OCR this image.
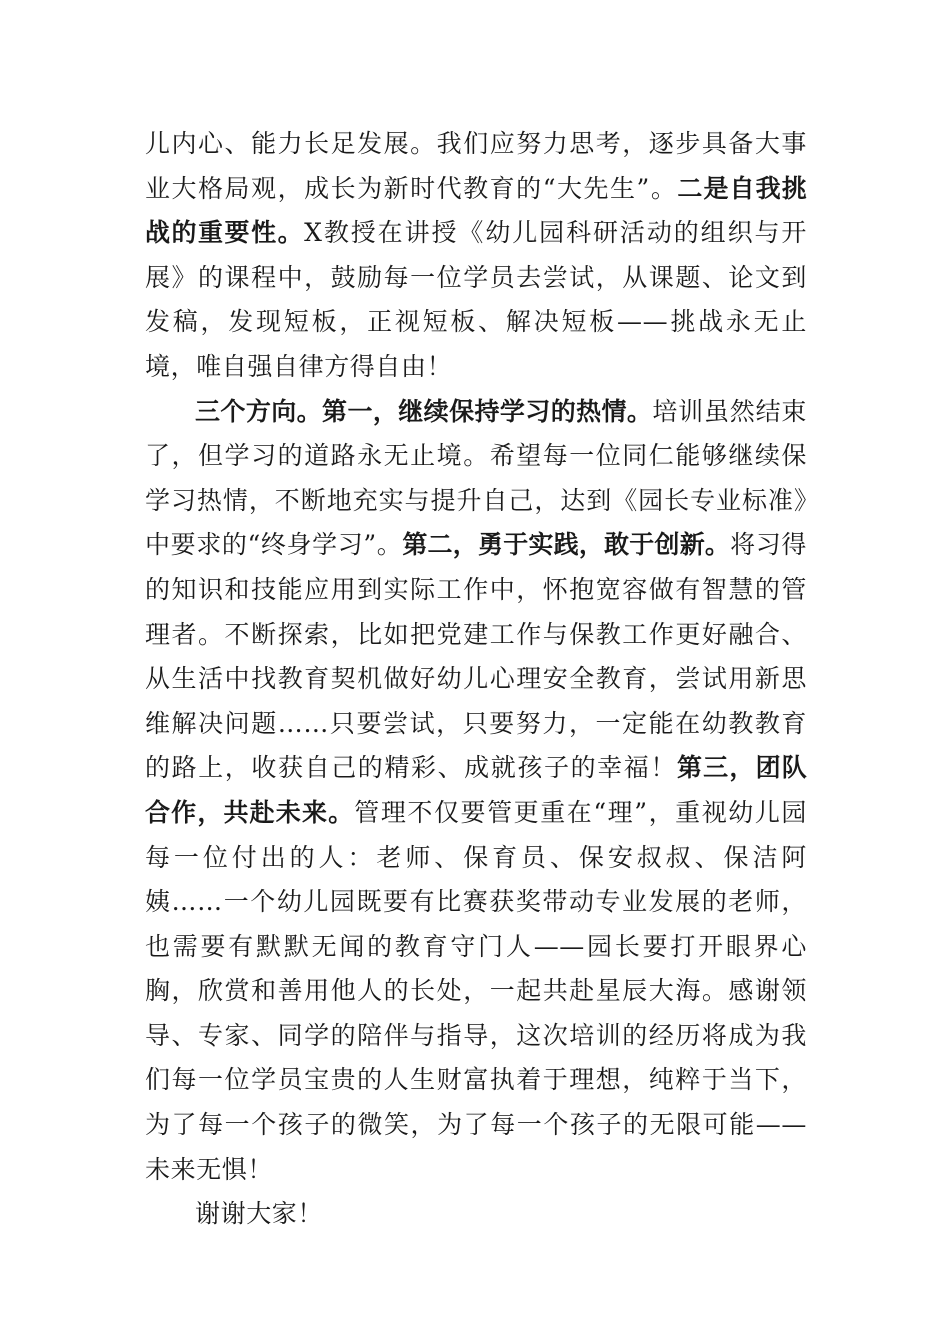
儿内心、能力长足发展。我们应努力思考，逐步具备大事业大格局观，成长为新时代教育的“大先生”。二是自我挑战的重要性。X教授在讲授《幼儿园科研活动的组织与开展》的课程中，鼓励每一位学员去尝试，从课题、论文到发稿，发现短板，正视短板、解决短板——挑战永无止境，唯自强自律方得自由！

三个方向。第一，继续保持学习的热情。培训虽然结束了，但学习的道路永无止境。希望每一位同仁能够继续保学习热情，不断地充实与提升自己，达到《园长专业标准》中要求的“终身学习”。第二，勇于实践，敢于创新。将习得的知识和技能应用到实际工作中，怀抱宽容做有智慧的管理者。不断探索，比如把党建工作与保教工作更好融合、从生活中找教育契机做好幼儿心理安全教育，尝试用新思维解决问题……只要尝试，只要努力，一定能在幼教教育的路上，收获自己的精彩、成就孩子的幸福！第三，团队合作，共赴未来。管理不仅要管更重在“理”，重视幼儿园每一位付出的人：老师、保育员、保安叔叔、保洁阿姨……一个幼儿园既要有比赛获奖带动专业发展的老师，也需要有默默无闻的教育守门人——园长要打开眼界心胸，欣赏和善用他人的长处，一起共赴星辰大海。感谢领导、专家、同学的陪伴与指导，这次培训的经历将成为我们每一位学员宝贵的人生财富执着于理想，纯粹于当下，为了每一个孩子的微笑，为了每一个孩子的无限可能——未来无惧！

谢谢大家！
